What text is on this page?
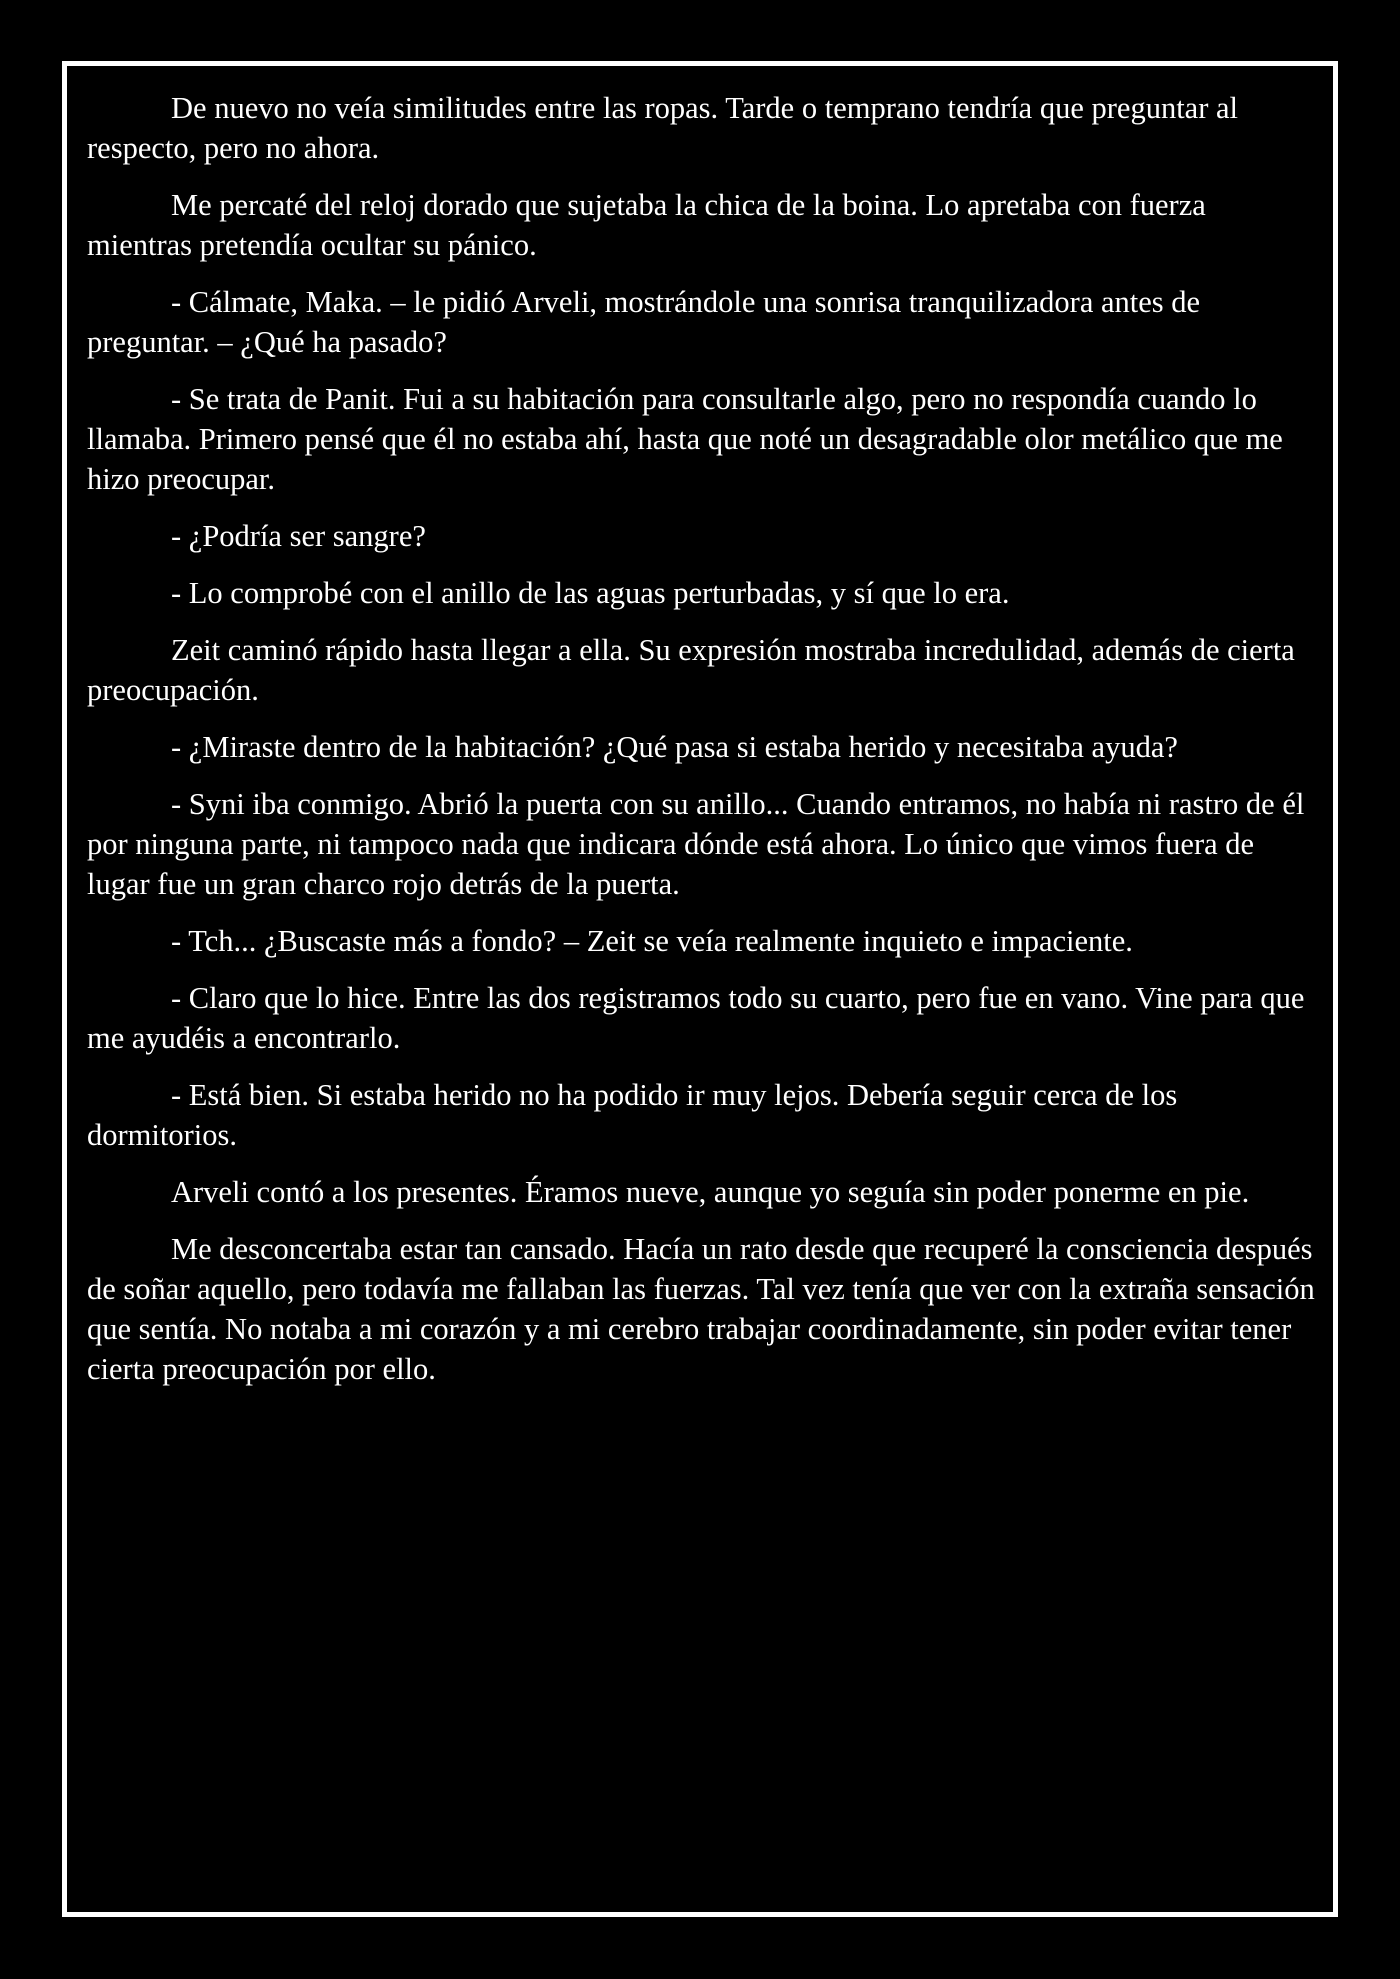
De nuevo no veía similitudes entre las ropas. Tarde o temprano tendría que preguntar al respecto, pero no ahora.

Me percaté del reloj dorado que sujetaba la chica de la boina. Lo apretaba con fuerza mientras pretendía ocultar su pánico.

- Cálmate, Maka. – le pidió Arveli, mostrándole una sonrisa tranquilizadora antes de preguntar. – ¿Qué ha pasado?

- Se trata de Panit. Fui a su habitación para consultarle algo, pero no respondía cuando lo llamaba. Primero pensé que él no estaba ahí, hasta que noté un desagradable olor metálico que me hizo preocupar.

- ¿Podría ser sangre?

- Lo comprobé con el anillo de las aguas perturbadas, y sí que lo era.

Zeit caminó rápido hasta llegar a ella. Su expresión mostraba incredulidad, además de cierta preocupación.

- ¿Miraste dentro de la habitación? ¿Qué pasa si estaba herido y necesitaba ayuda?

- Syni iba conmigo. Abrió la puerta con su anillo... Cuando entramos, no había ni rastro de él por ninguna parte, ni tampoco nada que indicara dónde está ahora. Lo único que vimos fuera de lugar fue un gran charco rojo detrás de la puerta.

- Tch... ¿Buscaste más a fondo? – Zeit se veía realmente inquieto e impaciente.

- Claro que lo hice. Entre las dos registramos todo su cuarto, pero fue en vano. Vine para que me ayudéis a encontrarlo.

- Está bien. Si estaba herido no ha podido ir muy lejos. Debería seguir cerca de los dormitorios.

Arveli contó a los presentes. Éramos nueve, aunque yo seguía sin poder ponerme en pie.

Me desconcertaba estar tan cansado. Hacía un rato desde que recuperé la consciencia después de soñar aquello, pero todavía me fallaban las fuerzas. Tal vez tenía que ver con la extraña sensación que sentía. No notaba a mi corazón y a mi cerebro trabajar coordinadamente, sin poder evitar tener cierta preocupación por ello.
